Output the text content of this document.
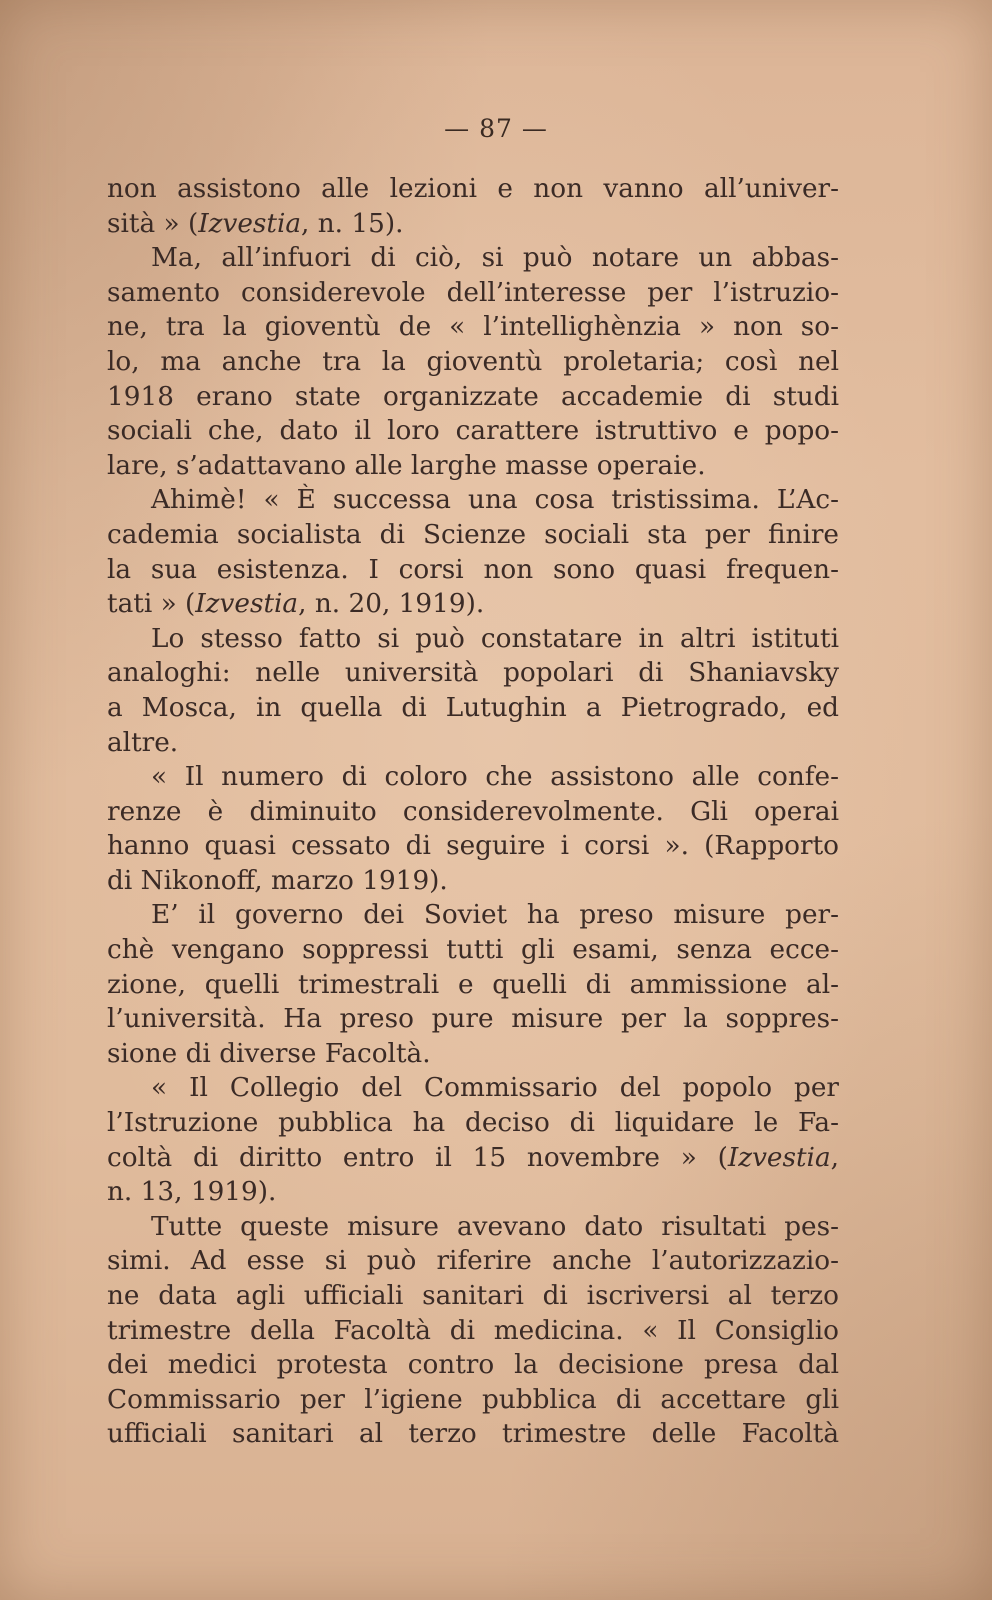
— 87 —
non assistono alle lezioni e non vanno all’univer-
sità » (Izvestia, n. 15).
Ma, all’infuori di ciò, si può notare un abbas-
samento considerevole dell’interesse per l’istruzio-
ne, tra la gioventù de « l’intellighènzia » non so-
lo, ma anche tra la gioventù proletaria; così nel
1918 erano state organizzate accademie di studi
sociali che, dato il loro carattere istruttivo e popo-
lare, s’adattavano alle larghe masse operaie.
Ahimè! « È successa una cosa tristissima. L’Ac-
cademia socialista di Scienze sociali sta per finire
la sua esistenza. I corsi non sono quasi frequen-
tati » (Izvestia, n. 20, 1919).
Lo stesso fatto si può constatare in altri istituti
analoghi: nelle università popolari di Shaniavsky
a Mosca, in quella di Lutughin a Pietrogrado, ed
altre.
« Il numero di coloro che assistono alle confe-
renze è diminuito considerevolmente. Gli operai
hanno quasi cessato di seguire i corsi ». (Rapporto
di Nikonoff, marzo 1919).
E’ il governo dei Soviet ha preso misure per-
chè vengano soppressi tutti gli esami, senza ecce-
zione, quelli trimestrali e quelli di ammissione al-
l’università. Ha preso pure misure per la soppres-
sione di diverse Facoltà.
« Il Collegio del Commissario del popolo per
l’Istruzione pubblica ha deciso di liquidare le Fa-
coltà di diritto entro il 15 novembre » (Izvestia,
n. 13, 1919).
Tutte queste misure avevano dato risultati pes-
simi. Ad esse si può riferire anche l’autorizzazio-
ne data agli ufficiali sanitari di iscriversi al terzo
trimestre della Facoltà di medicina. « Il Consiglio
dei medici protesta contro la decisione presa dal
Commissario per l’igiene pubblica di accettare gli
ufficiali sanitari al terzo trimestre delle Facoltà
